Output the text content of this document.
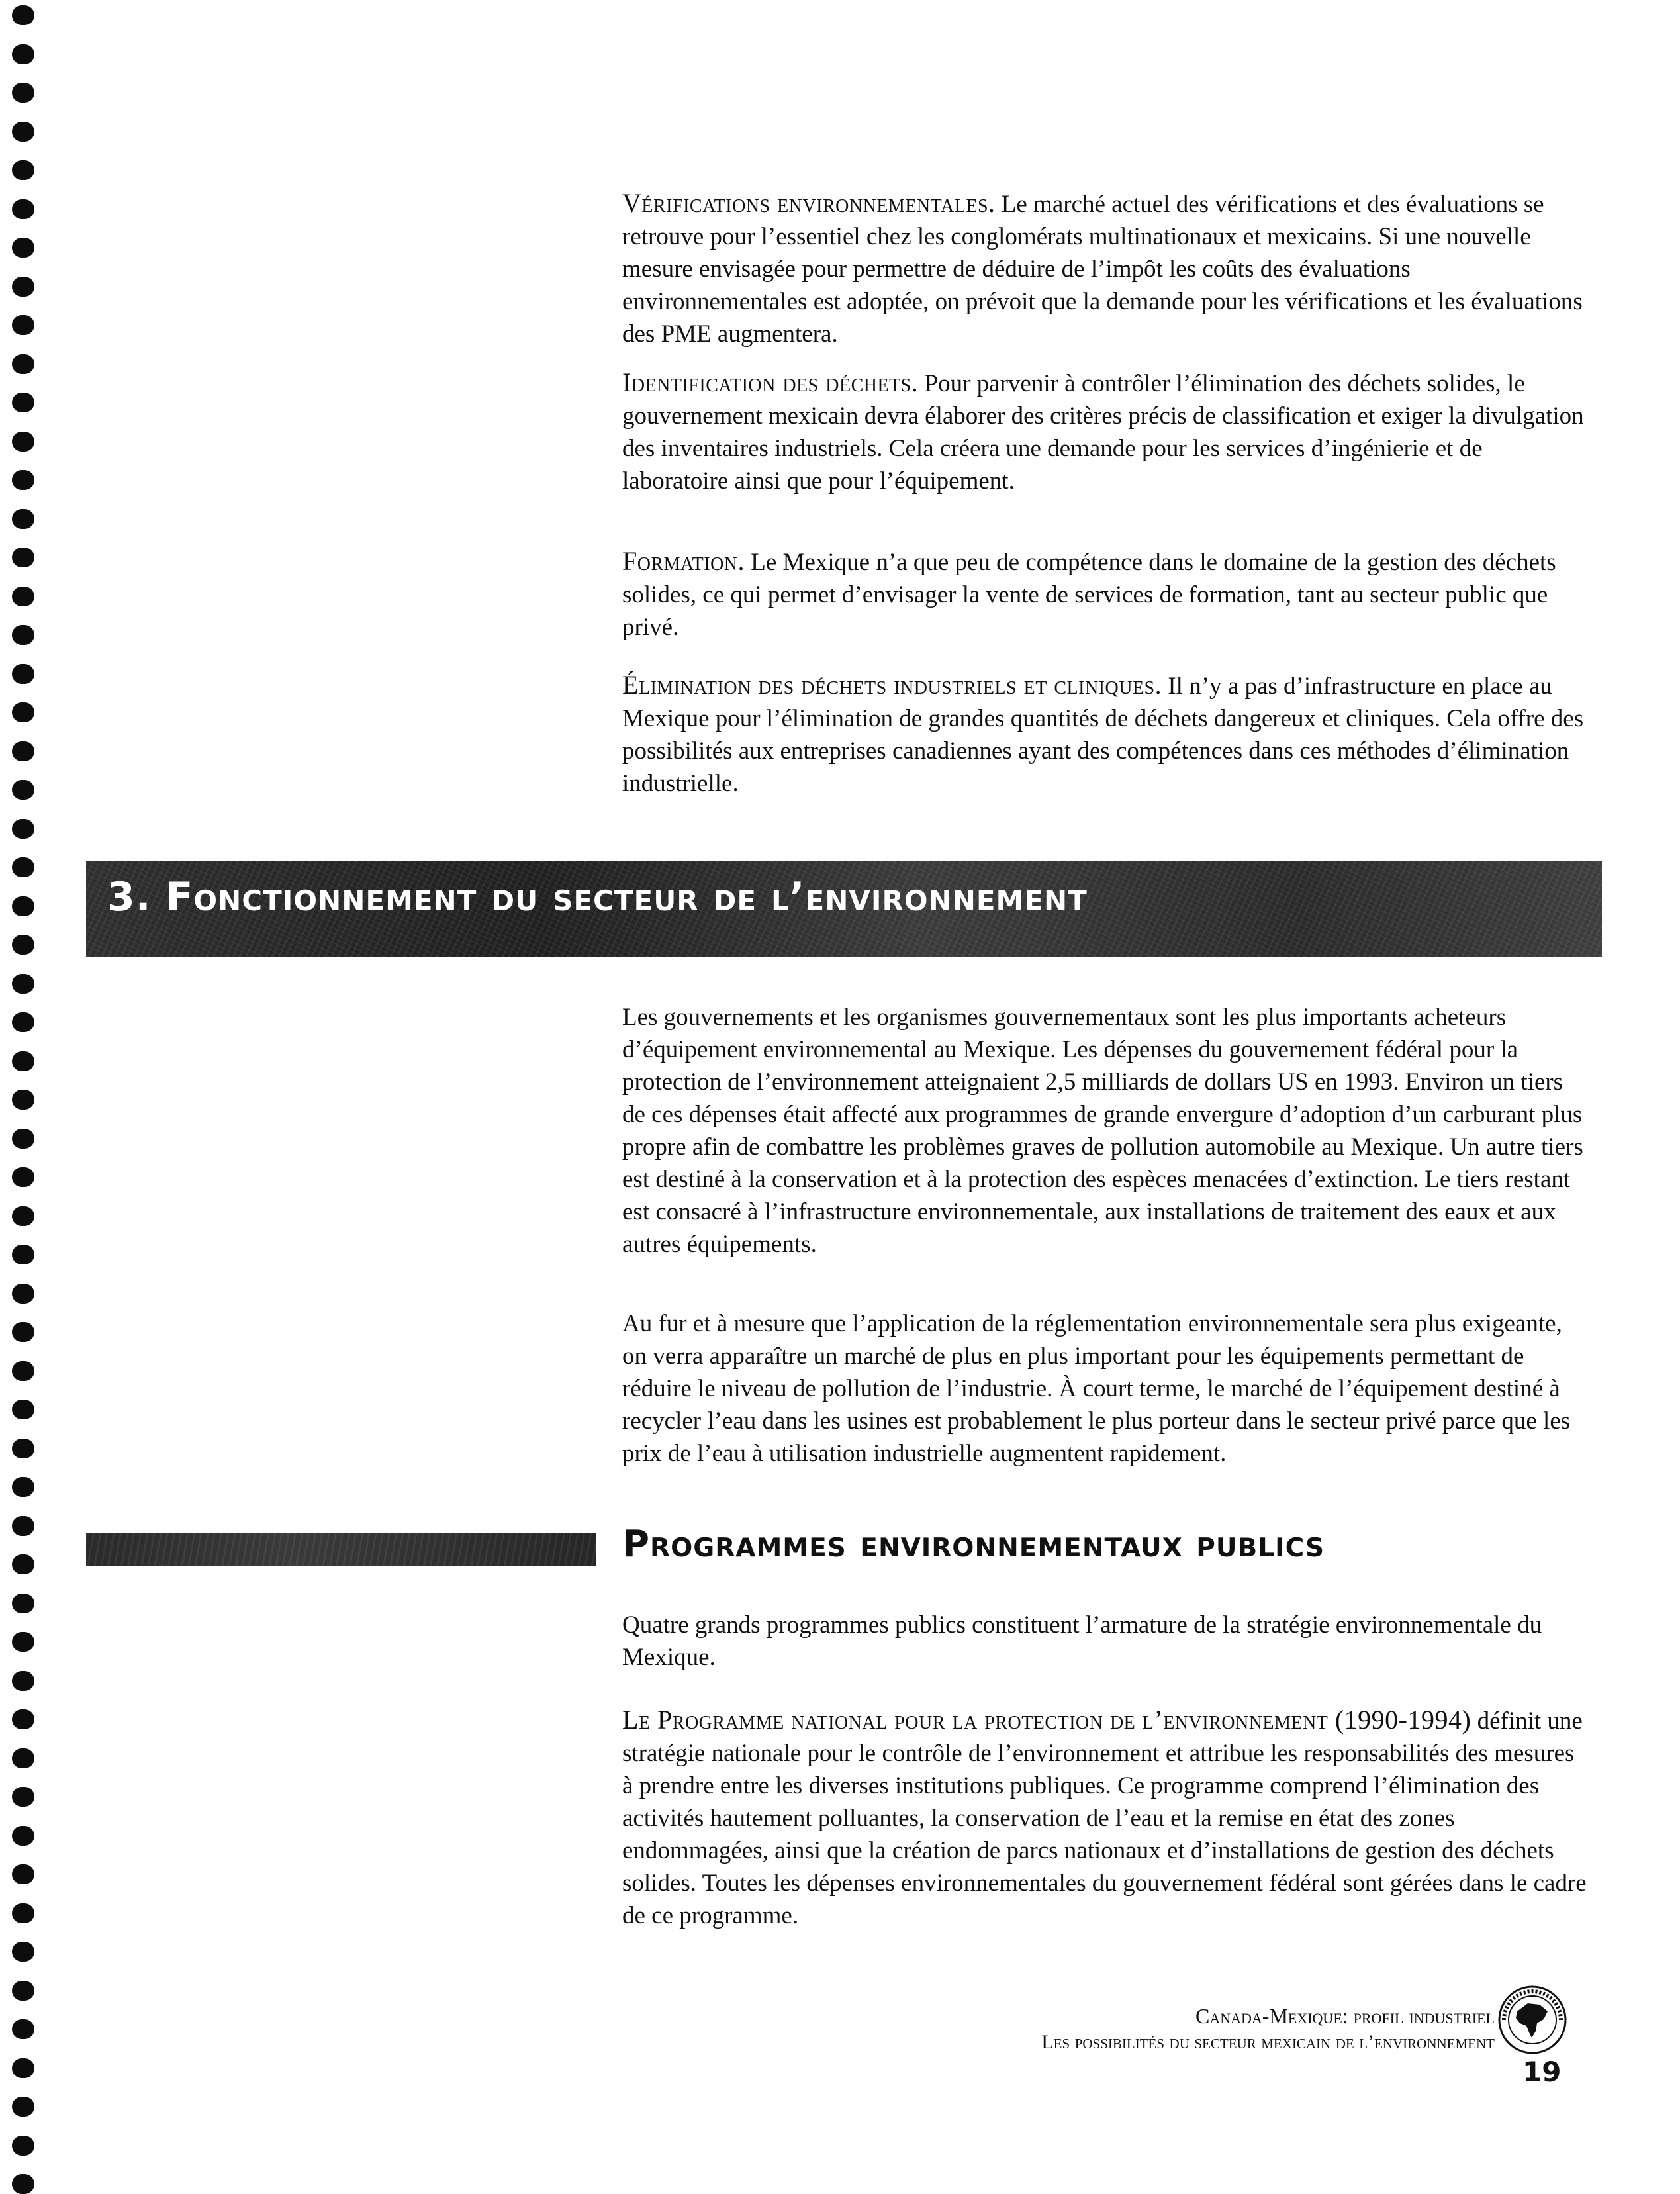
Vérifications environnementales. Le marché actuel des vérifications et des évaluations se retrouve pour l’essentiel chez les conglomérats multinationaux et mexicains. Si une nouvelle mesure envisagée pour permettre de déduire de l’impôt les coûts des évaluations environnementales est adoptée, on prévoit que la demande pour les vérifications et les évaluations des PME augmentera.

Identification des déchets. Pour parvenir à contrôler l’élimination des déchets solides, le gouvernement mexicain devra élaborer des critères précis de classification et exiger la divulgation des inventaires industriels. Cela créera une demande pour les services d’ingénierie et de laboratoire ainsi que pour l’équipement.

Formation. Le Mexique n’a que peu de compétence dans le domaine de la gestion des déchets solides, ce qui permet d’envisager la vente de services de formation, tant au secteur public que privé.

Élimination des déchets industriels et cliniques. Il n’y a pas d’infrastructure en place au Mexique pour l’élimination de grandes quantités de déchets dangereux et cliniques. Cela offre des possibilités aux entreprises canadiennes ayant des compétences dans ces méthodes d’élimination industrielle.

3. Fonctionnement du secteur de l’environnement

Les gouvernements et les organismes gouvernementaux sont les plus importants acheteurs d’équipement environnemental au Mexique. Les dépenses du gouvernement fédéral pour la protection de l’environnement atteignaient 2,5 milliards de dollars US en 1993. Environ un tiers de ces dépenses était affecté aux programmes de grande envergure d’adoption d’un carburant plus propre afin de combattre les problèmes graves de pollution automobile au Mexique. Un autre tiers est destiné à la conservation et à la protection des espèces menacées d’extinction. Le tiers restant est consacré à l’infrastructure environnementale, aux installations de traitement des eaux et aux autres équipements.

Au fur et à mesure que l’application de la réglementation environnementale sera plus exigeante, on verra apparaître un marché de plus en plus important pour les équipements permettant de réduire le niveau de pollution de l’industrie. À court terme, le marché de l’équipement destiné à recycler l’eau dans les usines est probablement le plus porteur dans le secteur privé parce que les prix de l’eau à utilisation industrielle augmentent rapidement.

Programmes environnementaux publics

Quatre grands programmes publics constituent l’armature de la stratégie environnementale du Mexique.

Le Programme national pour la protection de l’environnement (1990-1994) définit une stratégie nationale pour le contrôle de l’environnement et attribue les responsabilités des mesures à prendre entre les diverses institutions publiques. Ce programme comprend l’élimination des activités hautement polluantes, la conservation de l’eau et la remise en état des zones endommagées, ainsi que la création de parcs nationaux et d’installations de gestion des déchets solides. Toutes les dépenses environnementales du gouvernement fédéral sont gérées dans le cadre de ce programme.

Canada-Mexique: profil industriel
Les possibilités du secteur mexicain de l’environnement
19
